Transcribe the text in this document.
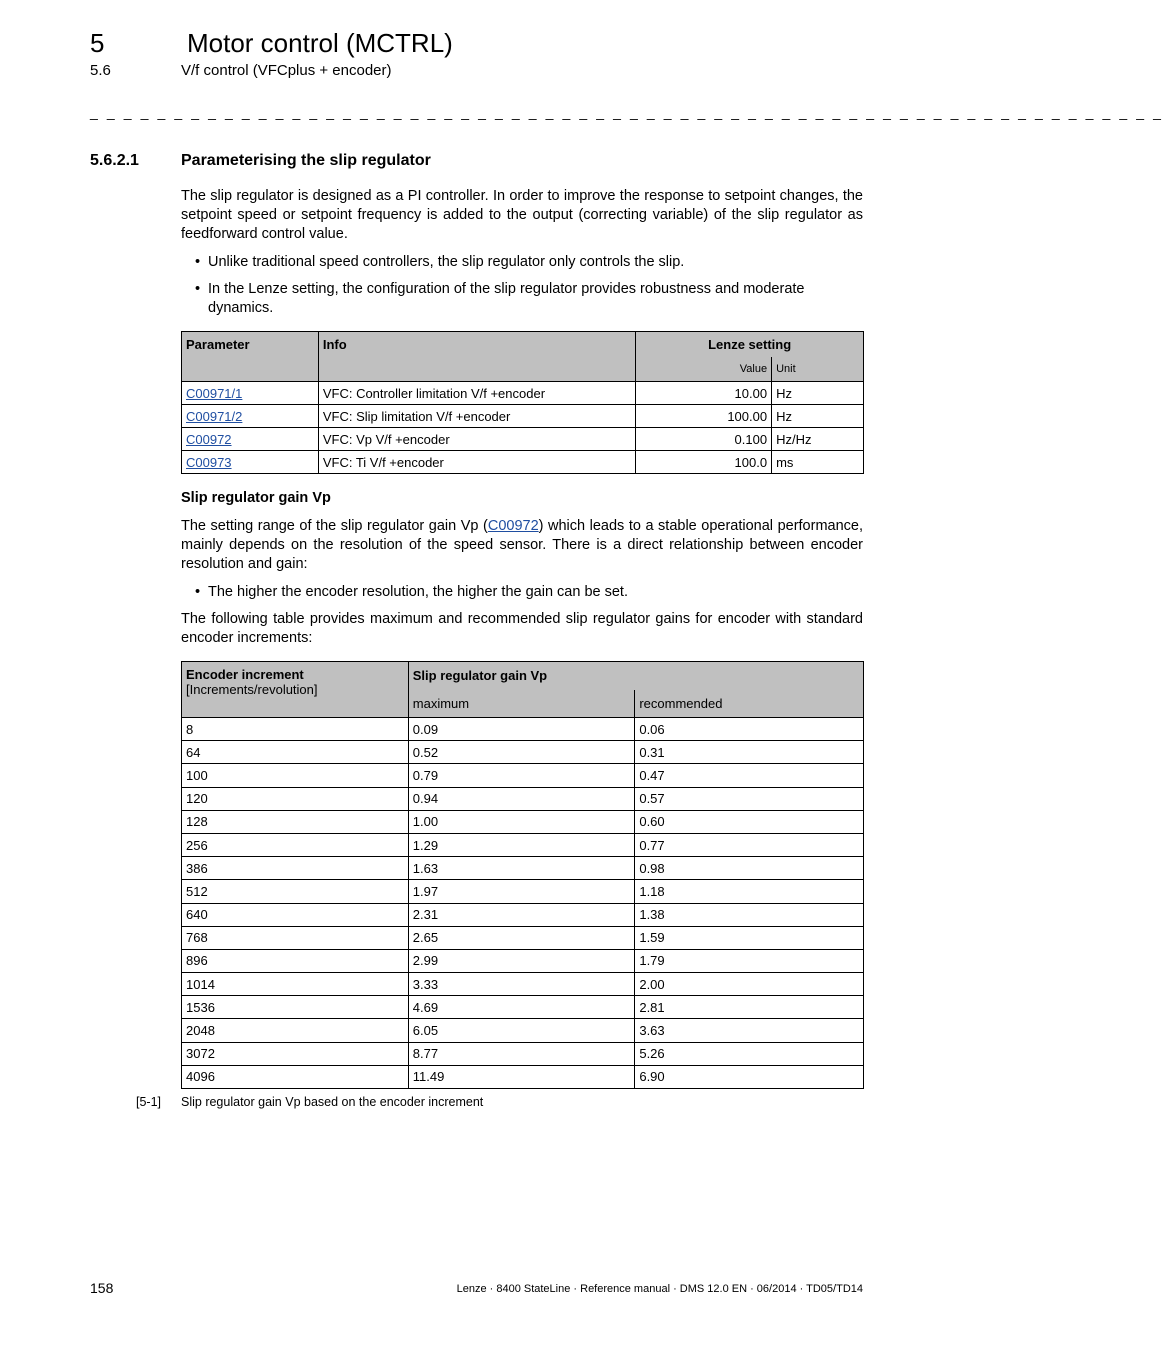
5	Motor control (MCTRL)
5.6	V/f control (VFCplus + encoder)
_ _ _ _ _ _ _ _ _ _ _ _ _ _ _ _ _ _ _ _ _ _ _ _ _ _ _ _ _ _ _ _ _ _ _ _ _ _ _ _ _ _ _ _ _ _ _ _ _ _ _ _ _ _ _ _ _ _ _ _ _ _ _ _
5.6.2.1	Parameterising the slip regulator
The slip regulator is designed as a PI controller. In order to improve the response to setpoint changes, the setpoint speed or setpoint frequency is added to the output (correcting variable) of the slip regulator as feedforward control value.
• Unlike traditional speed controllers, the slip regulator only controls the slip.
• In the Lenze setting, the configuration of the slip regulator provides robustness and moderate dynamics.
Parameter	Info	Lenze setting	
		Value	Unit
C00971/1	VFC: Controller limitation V/f +encoder	10.00	Hz
C00971/2	VFC: Slip limitation V/f +encoder	100.00	Hz
C00972	VFC: Vp V/f +encoder	0.100	Hz/Hz
C00973	VFC: Ti V/f +encoder	100.0	ms
Slip regulator gain Vp
The setting range of the slip regulator gain Vp (C00972) which leads to a stable operational performance, mainly depends on the resolution of the speed sensor. There is a direct relationship between encoder resolution and gain:
• The higher the encoder resolution, the higher the gain can be set.
The following table provides maximum and recommended slip regulator gains for encoder with standard encoder increments:
Encoder increment
[Increments/revolution]	Slip regulator gain Vp	
	maximum	recommended
8	0.09	0.06
64	0.52	0.31
100	0.79	0.47
120	0.94	0.57
128	1.00	0.60
256	1.29	0.77
386	1.63	0.98
512	1.97	1.18
640	2.31	1.38
768	2.65	1.59
896	2.99	1.79
1014	3.33	2.00
1536	4.69	2.81
2048	6.05	3.63
3072	8.77	5.26
4096	11.49	6.90
[5-1] Slip regulator gain Vp based on the encoder increment
158	Lenze · 8400 StateLine · Reference manual · DMS 12.0 EN · 06/2014 · TD05/TD14
